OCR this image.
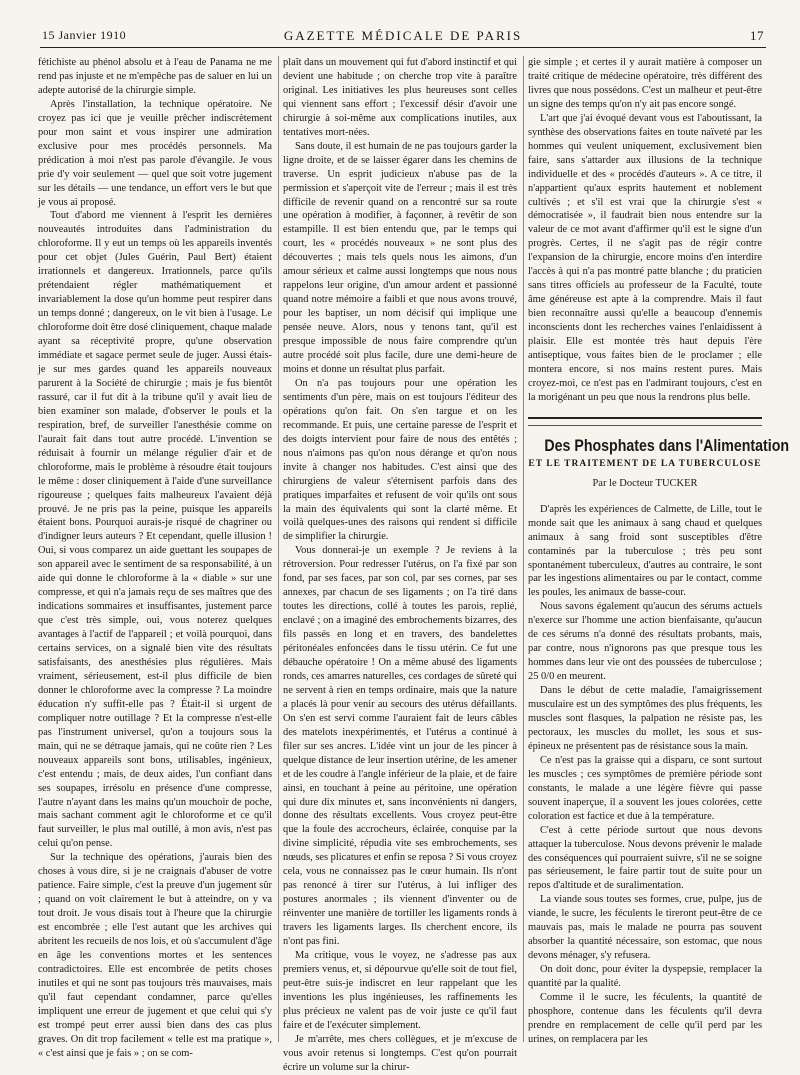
15 Janvier 1910	GAZETTE MÉDICALE DE PARIS	17

fétichiste au phénol absolu et à l'eau de Panama ne me rend pas injuste et ne m'empêche pas de saluer en lui un adepte autorisé de la chirurgie simple.

Après l'installation, la technique opératoire. Ne croyez pas ici que je veuille prêcher indiscrètement pour mon saint et vous inspirer une admiration exclusive pour mes procédés personnels. Ma prédication à moi n'est pas parole d'évangile. Je vous prie d'y voir seulement — quel que soit votre jugement sur les détails — une tendance, un effort vers le but que je vous ai proposé.

Tout d'abord me viennent à l'esprit les dernières nouveautés introduites dans l'administration du chloroforme. Il y eut un temps où les appareils inventés pour cet objet (Jules Guérin, Paul Bert) étaient irrationnels et dangereux. Irrationnels, parce qu'ils prétendaient régler mathématiquement et invariablement la dose qu'un homme peut respirer dans un temps donné ; dangereux, on le vit bien à l'usage. Le chloroforme doit être dosé cliniquement, chaque malade ayant sa réceptivité propre, qu'une observation immédiate et sagace permet seule de juger. Aussi étais-je sur mes gardes quand les appareils nouveaux parurent à la Société de chirurgie ; mais je fus bientôt rassuré, car il fut dit à la tribune qu'il y avait lieu de bien examiner son malade, d'observer le pouls et la respiration, bref, de surveiller l'anesthésie comme on l'aurait fait dans tout autre procédé. L'invention se réduisait à fournir un mélange régulier d'air et de chloroforme, mais le problème à résoudre était toujours le même : doser cliniquement à l'aide d'une surveillance rigoureuse ; quelques faits malheureux l'avaient déjà prouvé. Je ne pris pas la peine, puisque les appareils étaient bons. Pourquoi aurais-je risqué de chagriner ou d'indigner leurs auteurs ? Et cependant, quelle illusion ! Oui, si vous comparez un aide guettant les soupapes de son appareil avec le sentiment de sa responsabilité, à un aide qui donne le chloroforme à la « diable » sur une compresse, et qui n'a jamais reçu de ses maîtres que des indications sommaires et insuffisantes, justement parce que c'est très simple, oui, vous noterez quelques avantages à l'actif de l'appareil ; et voilà pourquoi, dans certains services, on a signalé bien vite des résultats satisfaisants, des anesthésies plus régulières. Mais vraiment, sérieusement, est-il plus difficile de bien donner le chloroforme avec la compresse ? La moindre éducation n'y suffit-elle pas ? Était-il si urgent de compliquer notre outillage ? Et la compresse n'est-elle pas l'instrument universel, qu'on a toujours sous la main, qui ne se détraque jamais, qui ne coûte rien ? Les nouveaux appareils sont bons, utilisables, ingénieux, c'est entendu ; mais, de deux aides, l'un confiant dans ses soupapes, irrésolu en présence d'une compresse, l'autre n'ayant dans les mains qu'un mouchoir de poche, mais sachant comment agit le chloroforme et ce qu'il faut surveiller, le plus mal outillé, à mon avis, n'est pas celui qu'on pense.

Sur la technique des opérations, j'aurais bien des choses à vous dire, si je ne craignais d'abuser de votre patience. Faire simple, c'est la preuve d'un jugement sûr ; quand on voit clairement le but à atteindre, on y va tout droit. Je vous disais tout à l'heure que la chirurgie est encombrée ; elle l'est autant que les archives qui abritent les recueils de nos lois, et où s'accumulent d'âge en âge les conventions mortes et les sentences contradictoires. Elle est encombrée de petits choses inutiles et qui ne sont pas toujours très mauvaises, mais qu'il faut cependant condamner, parce qu'elles impliquent une erreur de jugement et que celui qui s'y est trompé peut errer aussi bien dans des cas plus graves. On dit trop facilement « telle est ma pratique », « c'est ainsi que je fais » ; on se com-

plaît dans un mouvement qui fut d'abord instinctif et qui devient une habitude ; on cherche trop vite à paraître original. Les initiatives les plus heureuses sont celles qui viennent sans effort ; l'excessif désir d'avoir une chirurgie à soi-même aux complications inutiles, aux tentatives mort-nées.

Sans doute, il est humain de ne pas toujours garder la ligne droite, et de se laisser égarer dans les chemins de traverse. Un esprit judicieux n'abuse pas de la permission et s'aperçoit vite de l'erreur ; mais il est très difficile de revenir quand on a rencontré sur sa route une opération à modifier, à façonner, à revêtir de son estampille. Il est bien entendu que, par le temps qui court, les « procédés nouveaux » ne sont plus des découvertes ; mais tels quels nous les aimons, d'un amour sérieux et calme aussi longtemps que nous nous rappelons leur origine, d'un amour ardent et passionné quand notre mémoire a faibli et que nous avons trouvé, pour les baptiser, un nom décisif qui implique une pensée neuve. Alors, nous y tenons tant, qu'il est presque impossible de nous faire comprendre qu'un autre procédé soit plus facile, dure une demi-heure de moins et donne un résultat plus parfait.

On n'a pas toujours pour une opération les sentiments d'un père, mais on est toujours l'éditeur des opérations qu'on fait. On s'en targue et on les recommande. Et puis, une certaine paresse de l'esprit et des doigts intervient pour faire de nous des entêtés ; nous n'aimons pas qu'on nous dérange et qu'on nous invite à changer nos habitudes. C'est ainsi que des chirurgiens de valeur s'éternisent parfois dans des pratiques imparfaites et refusent de voir qu'ils ont sous la main des équivalents qui sont la clarté même. Et voilà quelques-unes des raisons qui rendent si difficile de simplifier la chirurgie.

Vous donnerai-je un exemple ? Je reviens à la rétroversion. Pour redresser l'utérus, on l'a fixé par son fond, par ses faces, par son col, par ses cornes, par ses annexes, par chacun de ses ligaments ; on l'a tiré dans toutes les directions, collé à toutes les parois, replié, enclavé ; on a imaginé des embrochements bizarres, des fils passés en long et en travers, des bandelettes péritonéales enfoncées dans le tissu utérin. Ce fut une débauche opératoire ! On a même abusé des ligaments ronds, ces amarres naturelles, ces cordages de sûreté qui ne servent à rien en temps ordinaire, mais que la nature a placés là pour venir au secours des utérus défaillants. On s'en est servi comme l'auraient fait de leurs câbles des matelots inexpérimentés, et l'utérus a continué à filer sur ses ancres. L'idée vint un jour de les pincer à quelque distance de leur insertion utérine, de les amener et de les coudre à l'angle inférieur de la plaie, et de faire ainsi, en touchant à peine au péritoine, une opération qui dure dix minutes et, sans inconvénients ni dangers, donne des résultats excellents. Vous croyez peut-être que la foule des accrocheurs, éclairée, conquise par la divine simplicité, répudia vite ses embrochements, ses nœuds, ses plicatures et enfin se reposa ? Si vous croyez cela, vous ne connaissez pas le cœur humain. Ils n'ont pas renoncé à tirer sur l'utérus, à lui infliger des postures anormales ; ils viennent d'inventer ou de réinventer une manière de tortiller les ligaments ronds à travers les ligaments larges. Ils cherchent encore, ils n'ont pas fini.

Ma critique, vous le voyez, ne s'adresse pas aux premiers venus, et, si dépourvue qu'elle soit de tout fiel, peut-être suis-je indiscret en leur rappelant que les inventions les plus ingénieuses, les raffinements les plus précieux ne valent pas de voir juste ce qu'il faut faire et de l'exécuter simplement.

Je m'arrête, mes chers collègues, et je m'excuse de vous avoir retenus si longtemps. C'est qu'on pourrait écrire un volume sur la chirur-

gie simple ; et certes il y aurait matière à composer un traité critique de médecine opératoire, très différent des livres que nous possédons. C'est un malheur et peut-être un signe des temps qu'on n'y ait pas encore songé.

L'art que j'ai évoqué devant vous est l'aboutissant, la synthèse des observations faites en toute naïveté par les hommes qui veulent uniquement, exclusivement bien faire, sans s'attarder aux illusions de la technique individuelle et des « procédés d'auteurs ». A ce titre, il n'appartient qu'aux esprits hautement et noblement cultivés ; et s'il est vrai que la chirurgie s'est « démocratisée », il faudrait bien nous entendre sur la valeur de ce mot avant d'affirmer qu'il est le signe d'un progrès. Certes, il ne s'agit pas de régir contre l'expansion de la chirurgie, encore moins d'en interdire l'accès à qui n'a pas montré patte blanche ; du praticien sans titres officiels au professeur de la Faculté, toute âme généreuse est apte à la comprendre. Mais il faut bien reconnaître aussi qu'elle a beaucoup d'ennemis inconscients dont les recherches vaines l'enlaidissent à plaisir. Elle est montée très haut depuis l'ère antiseptique, vous faites bien de le proclamer ; elle montera encore, si nos mains restent pures. Mais croyez-moi, ce n'est pas en l'admirant toujours, c'est en la morigénant un peu que nous la rendrons plus belle.

Des Phosphates dans l'Alimentation
ET LE TRAITEMENT DE LA TUBERCULOSE
Par le Docteur TUCKER

D'après les expériences de Calmette, de Lille, tout le monde sait que les animaux à sang chaud et quelques animaux à sang froid sont susceptibles d'être contaminés par la tuberculose ; très peu sont spontanément tuberculeux, d'autres au contraire, le sont par les ingestions alimentaires ou par le contact, comme les poules, les animaux de basse-cour.

Nous savons également qu'aucun des sérums actuels n'exerce sur l'homme une action bienfaisante, qu'aucun de ces sérums n'a donné des résultats probants, mais, par contre, nous n'ignorons pas que presque tous les hommes dans leur vie ont des poussées de tuberculose ; 25 0/0 en meurent.

Dans le début de cette maladie, l'amaigrissement musculaire est un des symptômes des plus fréquents, les muscles sont flasques, la palpation ne résiste pas, les pectoraux, les muscles du mollet, les sous et sus-épineux ne présentent pas de résistance sous la main.

Ce n'est pas la graisse qui a disparu, ce sont surtout les muscles ; ces symptômes de première période sont constants, le malade a une légère fièvre qui passe souvent inaperçue, il a souvent les joues colorées, cette coloration est factice et due à la température.

C'est à cette période surtout que nous devons attaquer la tuberculose. Nous devons prévenir le malade des conséquences qui pourraient suivre, s'il ne se soigne pas sérieusement, le faire partir tout de suite pour un repos d'altitude et de suralimentation.

La viande sous toutes ses formes, crue, pulpe, jus de viande, le sucre, les féculents le tireront peut-être de ce mauvais pas, mais le malade ne pourra pas souvent absorber la quantité nécessaire, son estomac, que nous devons ménager, s'y refusera.

On doit donc, pour éviter la dyspepsie, remplacer la quantité par la qualité.

Comme il le sucre, les féculents, la quantité de phosphore, contenue dans les féculents qu'il devra prendre en remplacement de celle qu'il perd par les urines, on remplacera par les
